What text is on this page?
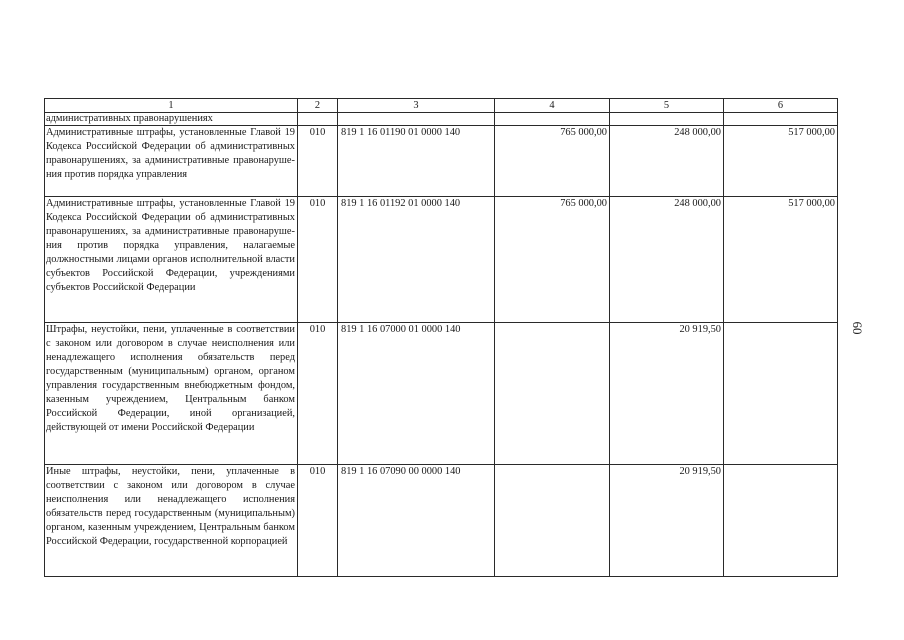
1	2	3	4	5	6
административных правонарушениях					
Административные штрафы, установленные Главой 19 Кодекса Российской Федерации об административных правонарушениях, за административные правонарушения против порядка управления	010	819 1 16 01190 01 0000 140	765 000,00	248 000,00	517 000,00
Административные штрафы, установленные Главой 19 Кодекса Российской Федерации об административных правонарушениях, за административные правонарушения против порядка управления, налагаемые должностными лицами органов исполнительной власти субъектов Российской Федерации, учреждениями субъектов Российской Федерации	010	819 1 16 01192 01 0000 140	765 000,00	248 000,00	517 000,00
Штрафы, неустойки, пени, уплаченные в соответствии с законом или договором в случае неисполнения или ненадлежащего исполнения обязательств перед государственным (муниципальным) органом, органом управления государственным внебюджетным фондом, казенным учреждением, Центральным банком Российской Федерации, иной организацией, действующей от имени Российской Федерации	010	819 1 16 07000 01 0000 140		20 919,50	
Иные штрафы, неустойки, пени, уплаченные в соответствии с законом или договором в случае неисполнения или ненадлежащего исполнения обязательств перед государственным (муниципальным) органом, казенным учреждением, Центральным банком Российской Федерации, государственной корпорацией	010	819 1 16 07090 00 0000 140		20 919,50	
60
